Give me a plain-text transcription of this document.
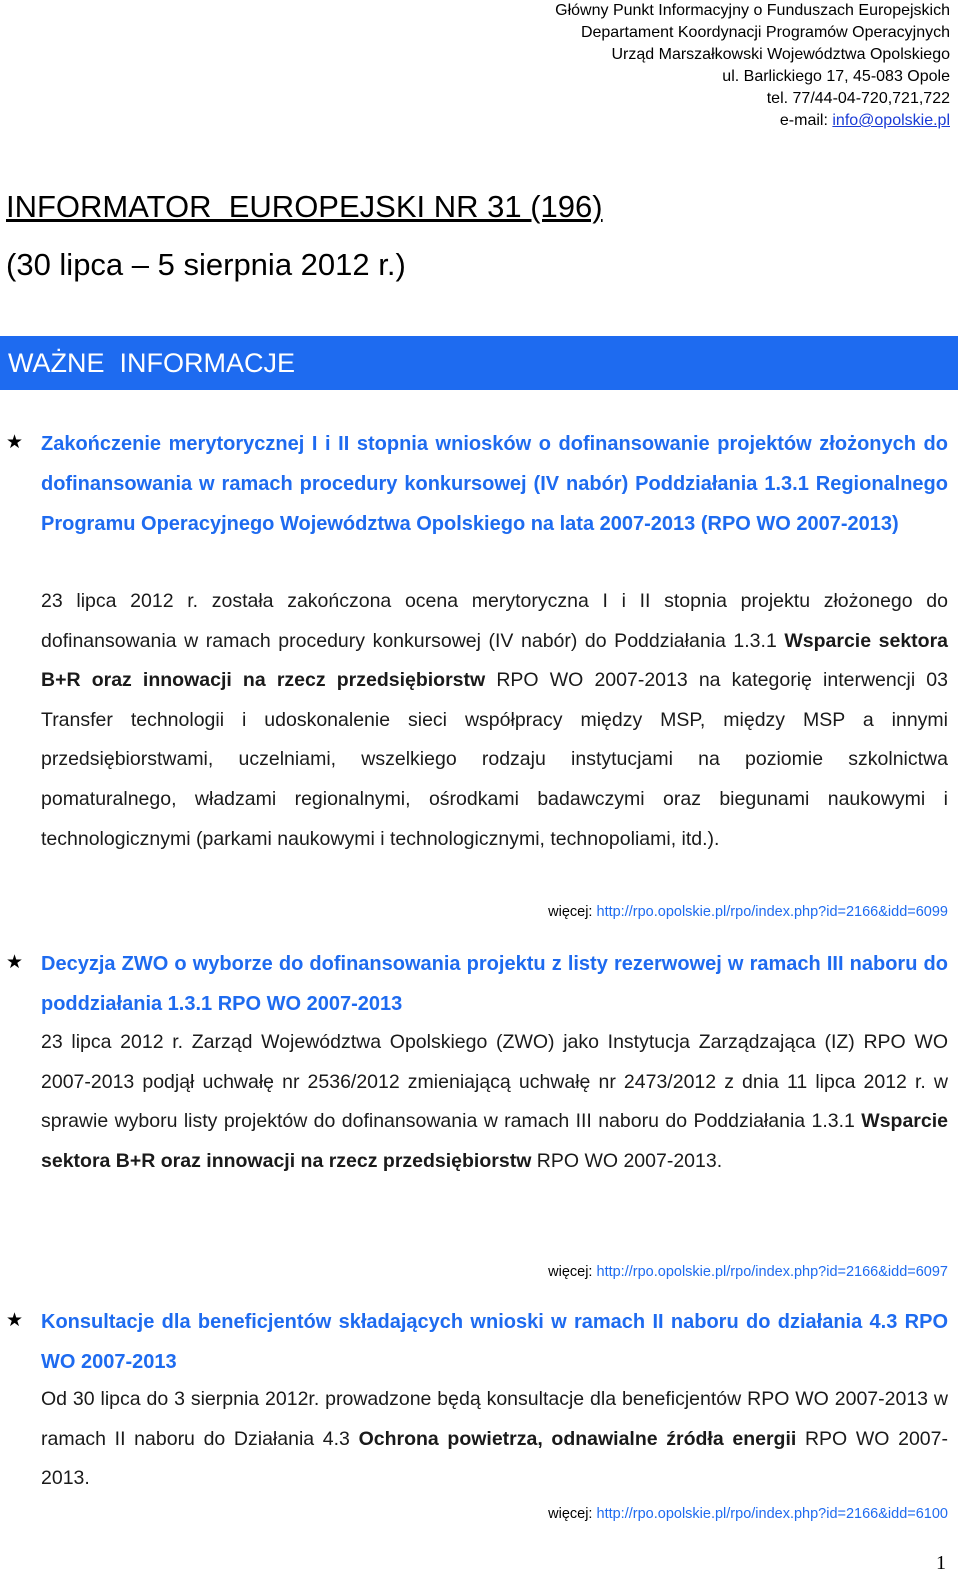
Główny Punkt Informacyjny o Funduszach Europejskich
Departament Koordynacji Programów Operacyjnych
Urząd Marszałkowski Województwa Opolskiego
ul. Barlickiego 17, 45-083 Opole
tel. 77/44-04-720,721,722
e-mail: info@opolskie.pl
INFORMATOR  EUROPEJSKI NR 31 (196)
(30 lipca – 5 sierpnia 2012 r.)
WAŻNE  INFORMACJE
★ Zakończenie merytorycznej I i II stopnia wniosków o dofinansowanie projektów złożonych do dofinansowania w ramach procedury konkursowej (IV nabór) Poddziałania 1.3.1 Regionalnego Programu Operacyjnego Województwa Opolskiego na lata 2007-2013 (RPO WO 2007-2013)
23 lipca 2012 r. została zakończona ocena merytoryczna I i II stopnia projektu złożonego do dofinansowania w ramach procedury konkursowej (IV nabór) do Poddziałania 1.3.1 Wsparcie sektora B+R oraz innowacji na rzecz przedsiębiorstw RPO WO 2007-2013 na kategorię interwencji 03 Transfer technologii i udoskonalenie sieci współpracy między MSP, między MSP a innymi przedsiębiorstwami, uczelniami, wszelkiego rodzaju instytucjami na poziomie szkolnictwa pomaturalnego, władzami regionalnymi, ośrodkami badawczymi oraz biegunami naukowymi i technologicznymi (parkami naukowymi i technologicznymi, technopoliami, itd.).
więcej: http://rpo.opolskie.pl/rpo/index.php?id=2166&idd=6099
★ Decyzja ZWO o wyborze do dofinansowania projektu z listy rezerwowej w ramach III naboru do poddziałania 1.3.1 RPO WO 2007-2013
23 lipca 2012 r. Zarząd Województwa Opolskiego (ZWO) jako Instytucja Zarządzająca (IZ) RPO WO 2007-2013 podjął uchwałę nr 2536/2012 zmieniającą uchwałę nr 2473/2012 z dnia 11 lipca 2012 r. w sprawie wyboru listy projektów do dofinansowania w ramach III naboru do Poddziałania 1.3.1 Wsparcie sektora B+R oraz innowacji na rzecz przedsiębiorstw RPO WO 2007-2013.
więcej: http://rpo.opolskie.pl/rpo/index.php?id=2166&idd=6097
★ Konsultacje dla beneficjentów składających wnioski w ramach II naboru do działania 4.3 RPO WO 2007-2013
Od 30 lipca do 3 sierpnia 2012r. prowadzone będą konsultacje dla beneficjentów RPO WO 2007-2013 w ramach II naboru do Działania 4.3 Ochrona powietrza, odnawialne źródła energii RPO WO 2007-2013.
więcej: http://rpo.opolskie.pl/rpo/index.php?id=2166&idd=6100
1
